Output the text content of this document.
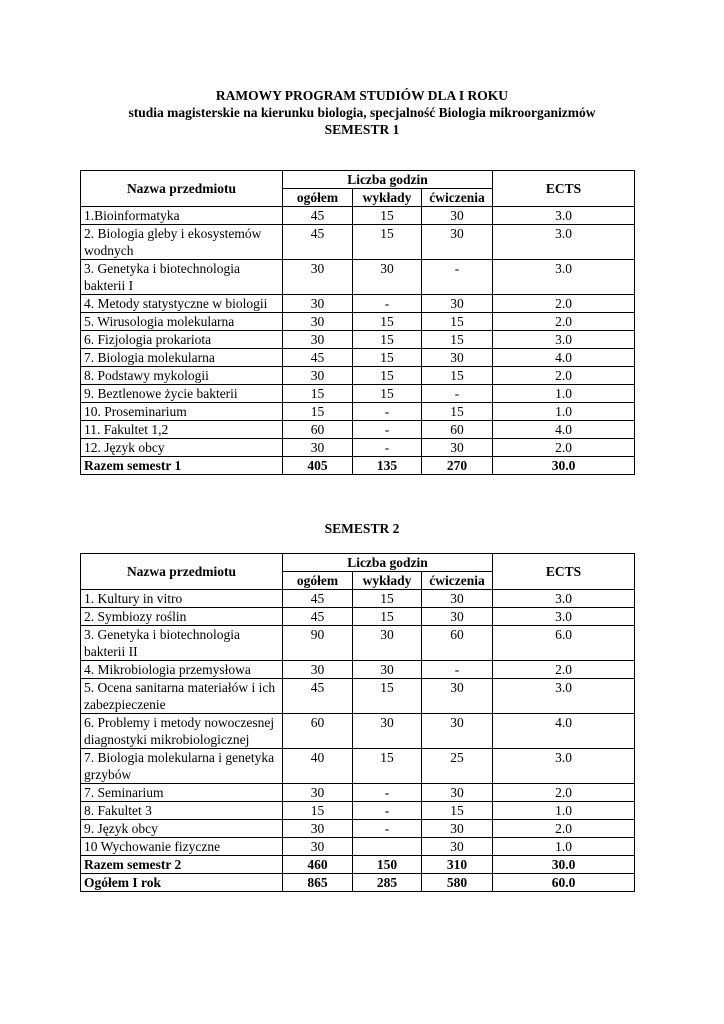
RAMOWY PROGRAM STUDIÓW DLA I ROKU
studia magisterskie na kierunku biologia, specjalność Biologia mikroorganizmów
SEMESTR 1
Nazwa przedmiotu	Liczba godzin			ECTS
	ogółem	wykłady	ćwiczenia	
1.Bioinformatyka	45	15	30	3.0
2. Biologia gleby i ekosystemów wodnych	45	15	30	3.0
3. Genetyka i biotechnologia bakterii I	30	30	-	3.0
4. Metody statystyczne w biologii	30	-	30	2.0
5. Wirusologia molekularna	30	15	15	2.0
6. Fizjologia prokariota	30	15	15	3.0
7. Biologia molekularna	45	15	30	4.0
8. Podstawy mykologii	30	15	15	2.0
9. Beztlenowe życie bakterii	15	15	-	1.0
10. Proseminarium	15	-	15	1.0
11. Fakultet 1,2	60	-	60	4.0
12. Język obcy	30	-	30	2.0
Razem semestr 1	405	135	270	30.0
SEMESTR 2
Nazwa przedmiotu	Liczba godzin			ECTS
	ogółem	wykłady	ćwiczenia	
1. Kultury in vitro	45	15	30	3.0
2. Symbiozy roślin	45	15	30	3.0
3. Genetyka i biotechnologia bakterii II	90	30	60	6.0
4. Mikrobiologia przemysłowa	30	30	-	2.0
5. Ocena sanitarna materiałów i ich zabezpieczenie	45	15	30	3.0
6. Problemy i metody nowoczesnej diagnostyki mikrobiologicznej	60	30	30	4.0
7. Biologia molekularna i genetyka grzybów	40	15	25	3.0
7. Seminarium	30	-	30	2.0
8. Fakultet 3	15	-	15	1.0
9. Język obcy	30	-	30	2.0
10 Wychowanie fizyczne	30		30	1.0
Razem semestr 2	460	150	310	30.0
Ogółem I rok	865	285	580	60.0
